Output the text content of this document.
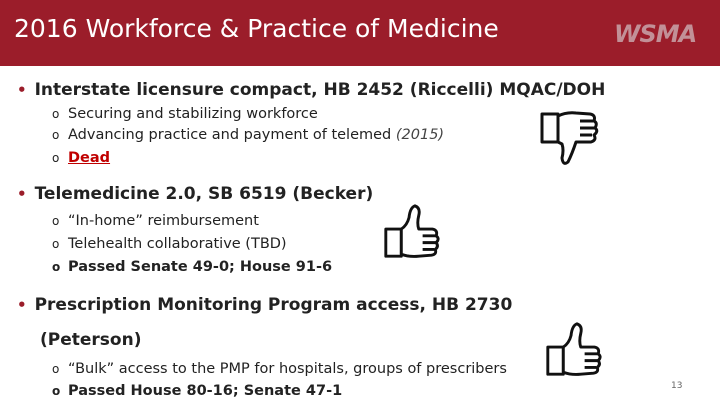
2016 Workforce & Practice of Medicine	WSMA
• Interstate licensure compact, HB 2452 (Riccelli) MQAC/DOH
o Securing and stabilizing workforce
o Advancing practice and payment of telemed (2015)
o Dead
• Telemedicine 2.0, SB 6519 (Becker)
o “In-home” reimbursement
o Telehealth collaborative (TBD)
o Passed Senate 49-0; House 91-6
• Prescription Monitoring Program access, HB 2730
(Peterson)
o “Bulk” access to the PMP for hospitals, groups of prescribers
o Passed House 80-16; Senate 47-1	13
